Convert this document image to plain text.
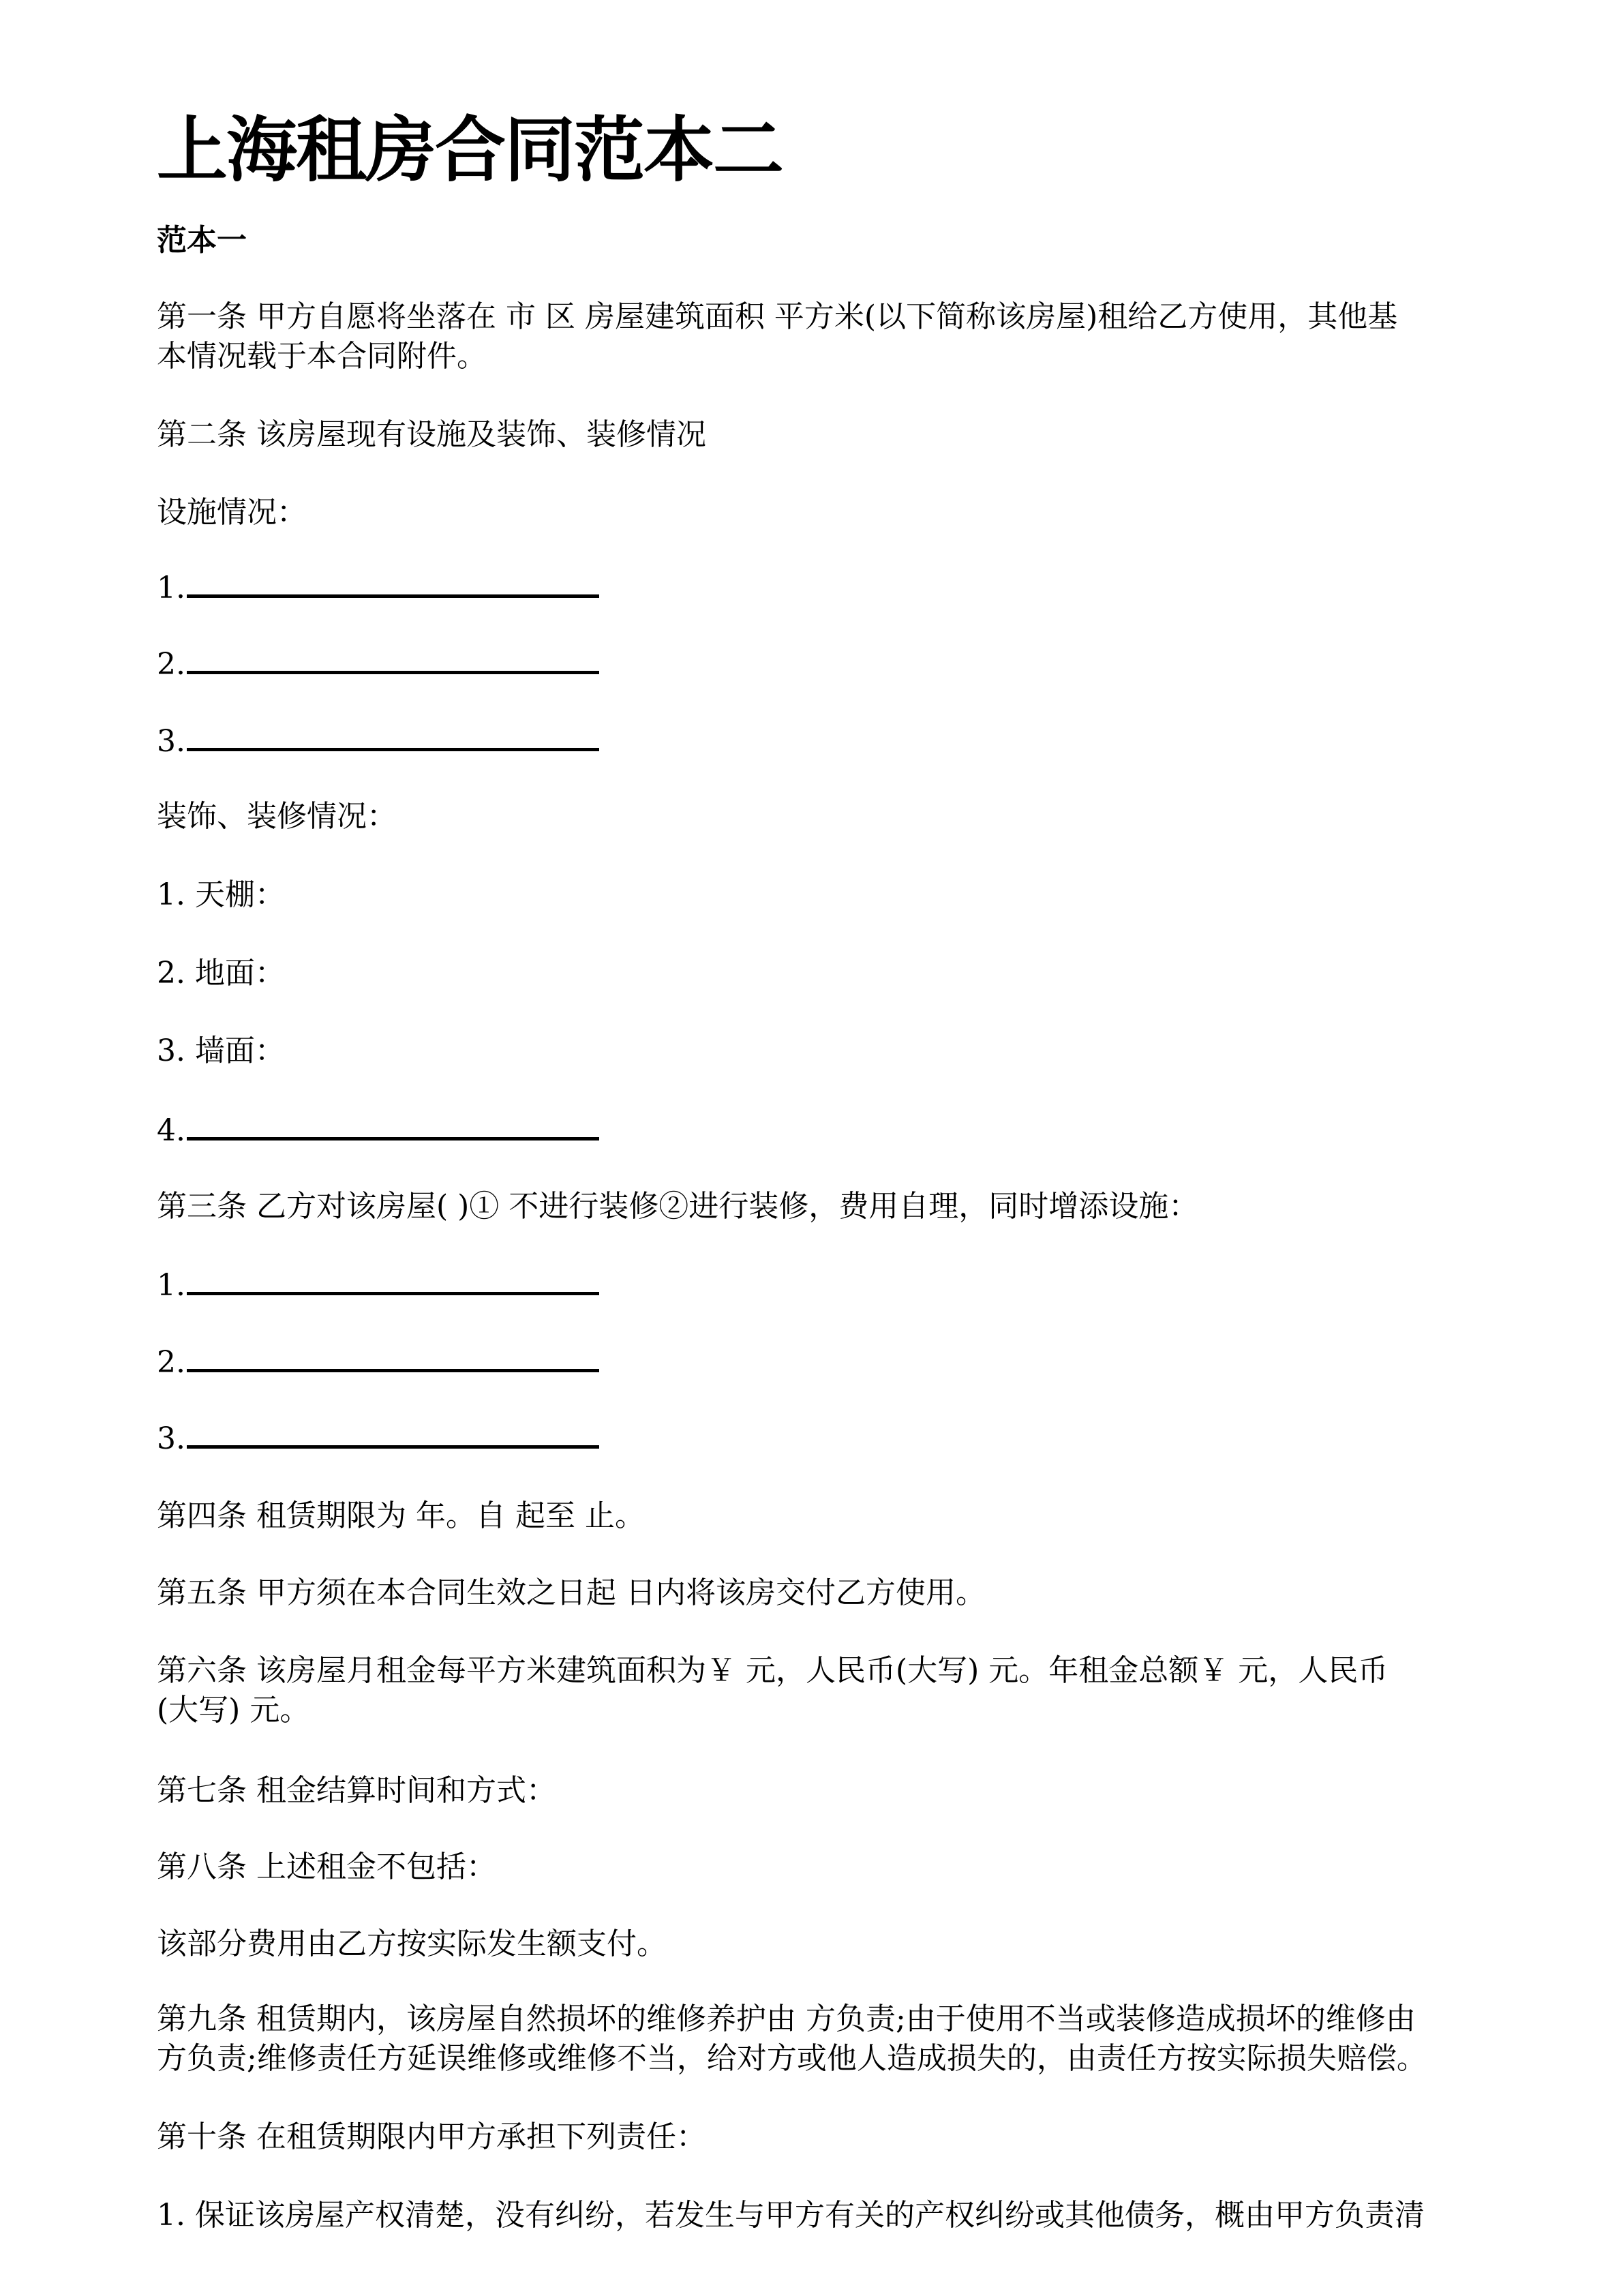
上海租房合同范本二
范本一
第一条 甲方自愿将坐落在 市 区 房屋建筑面积 平方米(以下简称该房屋)租给乙方使用，其他基
本情况载于本合同附件。
第二条 该房屋现有设施及装饰、装修情况
设施情况：
1.
2.
3.
装饰、装修情况：
1. 天棚：
2. 地面：
3. 墙面：
4.
第三条 乙方对该房屋( )① 不进行装修②进行装修，费用自理，同时增添设施：
1.
2.
3.
第四条 租赁期限为 年。自 起至 止。
第五条 甲方须在本合同生效之日起 日内将该房交付乙方使用。
第六条 该房屋月租金每平方米建筑面积为￥ 元，人民币(大写) 元。年租金总额￥ 元，人民币
(大写) 元。
第七条 租金结算时间和方式：
第八条 上述租金不包括：
该部分费用由乙方按实际发生额支付。
第九条 租赁期内，该房屋自然损坏的维修养护由 方负责;由于使用不当或装修造成损坏的维修由
方负责;维修责任方延误维修或维修不当，给对方或他人造成损失的，由责任方按实际损失赔偿。
第十条 在租赁期限内甲方承担下列责任：
1. 保证该房屋产权清楚，没有纠纷，若发生与甲方有关的产权纠纷或其他债务，概由甲方负责清
